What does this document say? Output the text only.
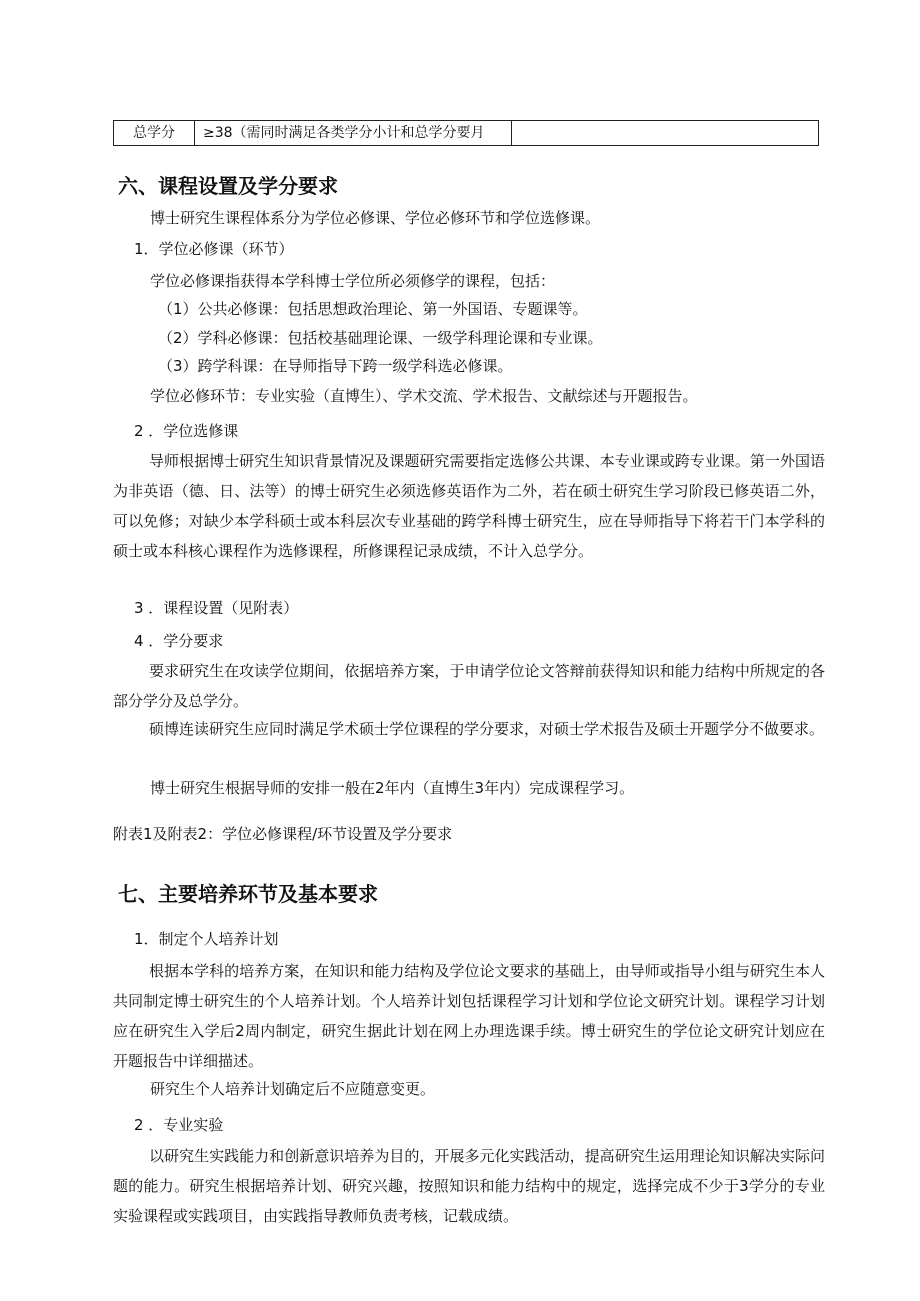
总学分	≥38（需同时满足各类学分小计和总学分要月
六、课程设置及学分要求

博士研究生课程体系分为学位必修课、学位必修环节和学位选修课。

1．学位必修课（环节）

学位必修课指获得本学科博士学位所必须修学的课程，包括：

（1）公共必修课：包括思想政治理论、第一外国语、专题课等。

（2）学科必修课：包括校基础理论课、一级学科理论课和专业课。

（3）跨学科课：在导师指导下跨一级学科选必修课。

学位必修环节：专业实验（直博生）、学术交流、学术报告、文献综述与开题报告。

2 ．学位选修课

导师根据博士研究生知识背景情况及课题研究需要指定选修公共课、本专业课或跨专业课。第一外国语为非英语（德、日、法等）的博士研究生必须选修英语作为二外，若在硕士研究生学习阶段已修英语二外，可以免修；对缺少本学科硕士或本科层次专业基础的跨学科博士研究生，应在导师指导下将若干门本学科的硕士或本科核心课程作为选修课程，所修课程记录成绩，不计入总学分。

3 ．课程设置（见附表）

4 ．学分要求

要求研究生在攻读学位期间，依据培养方案，于申请学位论文答辩前获得知识和能力结构中所规定的各部分学分及总学分。

硕博连读研究生应同时满足学术硕士学位课程的学分要求，对硕士学术报告及硕士开题学分不做要求。

博士研究生根据导师的安排一般在2年内（直博生3年内）完成课程学习。

附表1及附表2：学位必修课程/环节设置及学分要求

七、主要培养环节及基本要求

1．制定个人培养计划

根据本学科的培养方案，在知识和能力结构及学位论文要求的基础上，由导师或指导小组与研究生本人共同制定博士研究生的个人培养计划。个人培养计划包括课程学习计划和学位论文研究计划。课程学习计划应在研究生入学后2周内制定，研究生据此计划在网上办理选课手续。博士研究生的学位论文研究计划应在开题报告中详细描述。

研究生个人培养计划确定后不应随意变更。

2 ．专业实验

以研究生实践能力和创新意识培养为目的，开展多元化实践活动，提高研究生运用理论知识解决实际问题的能力。研究生根据培养计划、研究兴趣，按照知识和能力结构中的规定，选择完成不少于3学分的专业实验课程或实践项目，由实践指导教师负责考核，记载成绩。
